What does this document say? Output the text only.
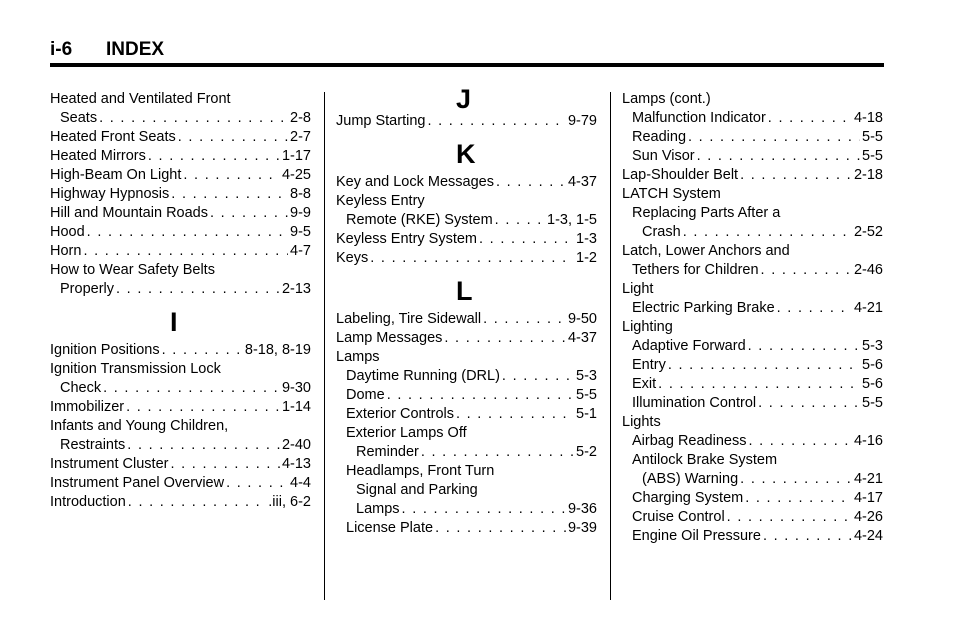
i-6 INDEX
Heated and Ventilated Front
Seats . . .	2-8
Heated Front Seats . . .	2-7
Heated Mirrors . . .	1-17
High-Beam On Light . . .	4-25
Highway Hypnosis . . .	8-8
Hill and Mountain Roads . . .	9-9
Hood . . .	9-5
Horn . . .	4-7
How to Wear Safety Belts
Properly . . .	2-13
I
Ignition Positions . . .	8-18, 8-19
Ignition Transmission Lock
Check . . .	9-30
Immobilizer . . .	1-14
Infants and Young Children,
Restraints . . .	2-40
Instrument Cluster . . .	4-13
Instrument Panel Overview . . .	4-4
Introduction . . .	.iii, 6-2
J
Jump Starting . . .	9-79
K
Key and Lock Messages . . .	4-37
Keyless Entry
Remote (RKE) System . . .	1-3, 1-5
Keyless Entry System . . .	1-3
Keys . . .	1-2
L
Labeling, Tire Sidewall . . .	9-50
Lamp Messages . . .	4-37
Lamps
Daytime Running (DRL) . . .	5-3
Dome . . .	5-5
Exterior Controls . . .	5-1
Exterior Lamps Off
Reminder . . .	5-2
Headlamps, Front Turn
Signal and Parking
Lamps . . .	9-36
License Plate . . .	9-39
Lamps (cont.)
Malfunction Indicator . . .	4-18
Reading . . .	5-5
Sun Visor . . .	5-5
Lap-Shoulder Belt . . .	2-18
LATCH System
Replacing Parts After a
Crash . . .	2-52
Latch, Lower Anchors and
Tethers for Children . . .	2-46
Light
Electric Parking Brake . . .	4-21
Lighting
Adaptive Forward . . .	5-3
Entry . . .	5-6
Exit . . .	5-6
Illumination Control . . .	5-5
Lights
Airbag Readiness . . .	4-16
Antilock Brake System
(ABS) Warning . . .	4-21
Charging System . . .	4-17
Cruise Control . . .	4-26
Engine Oil Pressure . . .	4-24
